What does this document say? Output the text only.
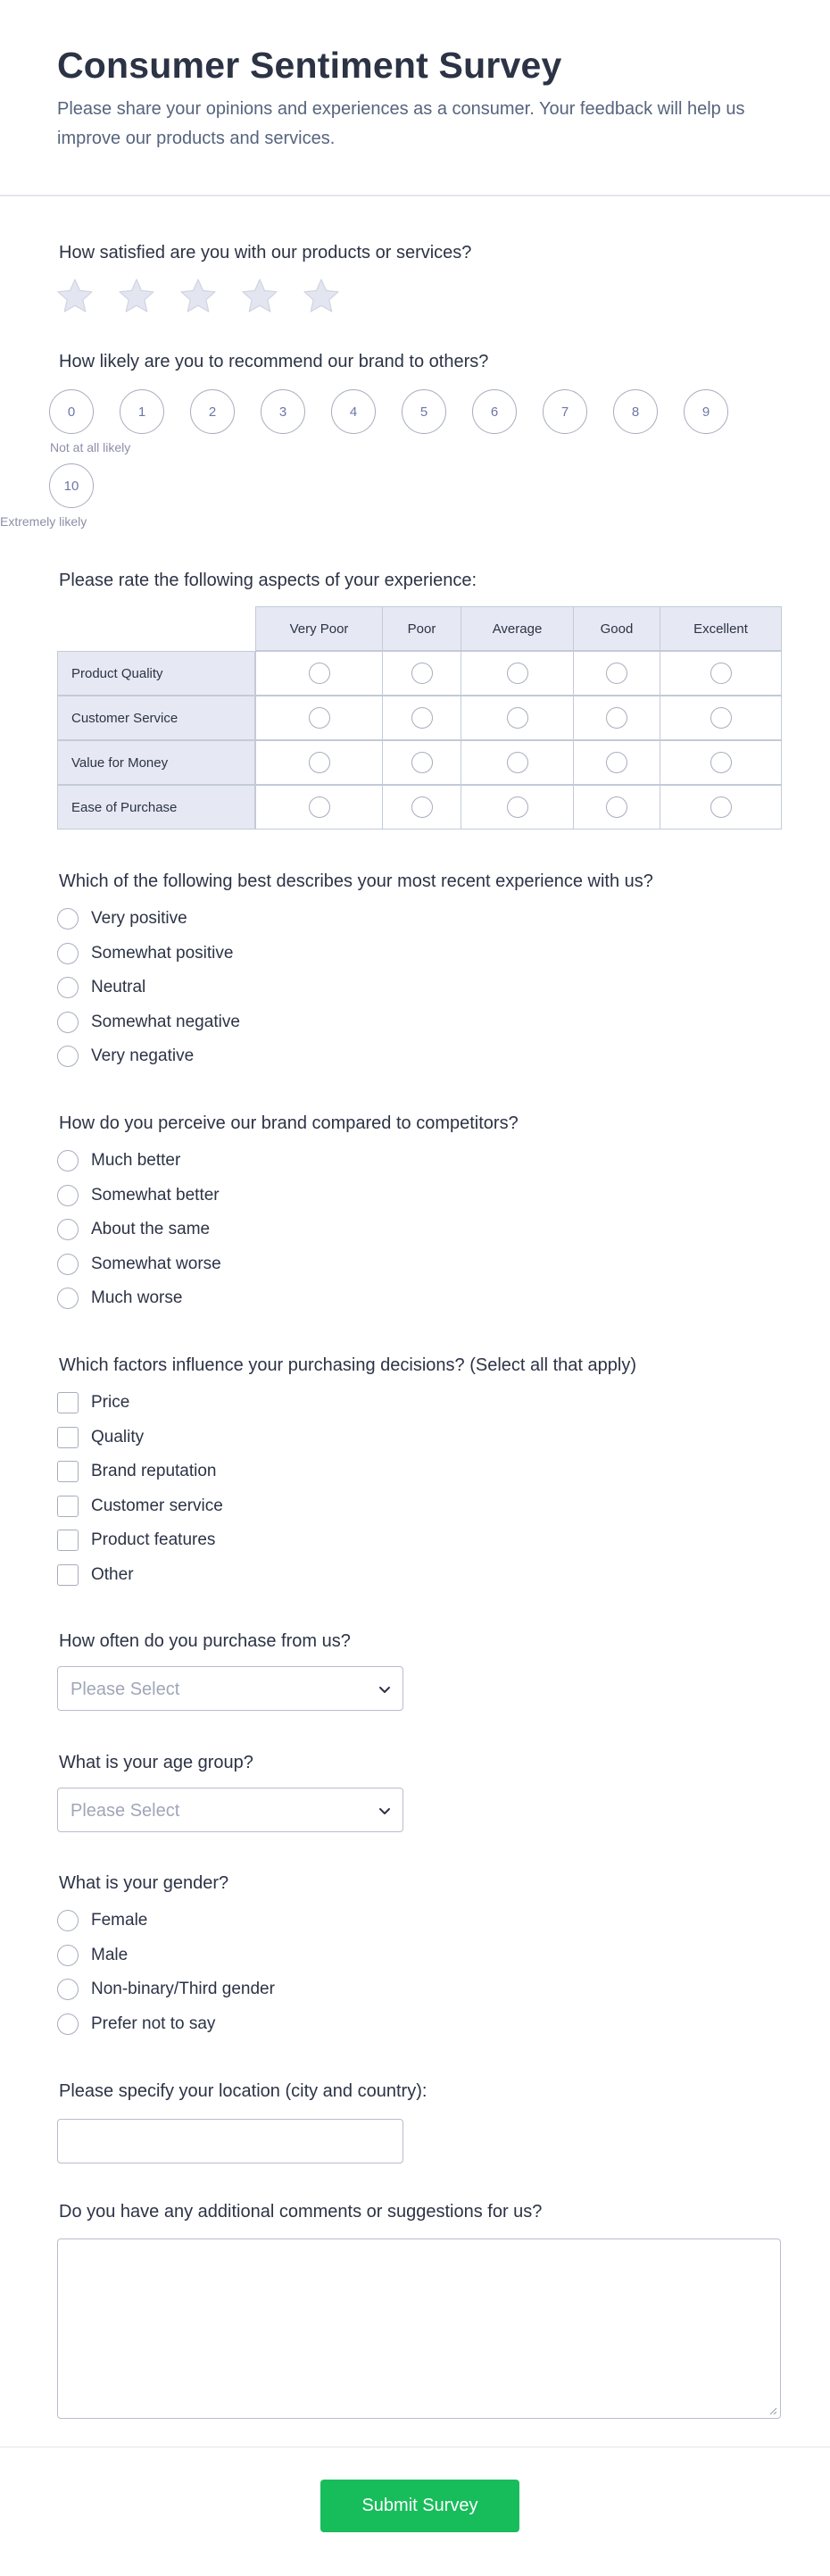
Consumer Sentiment Survey

Please share your opinions and experiences as a consumer. Your feedback will help us improve our products and services.

How satisfied are you with our products or services?
How likely are you to recommend our brand to others?
0	1	2	3	4	5	6	7	8	9
10
Not at all likely
Extremely likely
Please rate the following aspects of your experience:
Very Poor	Poor	Average	Good	Excellent
Product Quality
Customer Service
Value for Money
Ease of Purchase
Which of the following best describes your most recent experience with us?
Very positive
Somewhat positive
Neutral
Somewhat negative
Very negative
How do you perceive our brand compared to competitors?
Much better
Somewhat better
About the same
Somewhat worse
Much worse
Which factors influence your purchasing decisions? (Select all that apply)
Price
Quality
Brand reputation
Customer service
Product features
Other
How often do you purchase from us?
Please Select
What is your age group?
Please Select
What is your gender?
Female
Male
Non-binary/Third gender
Prefer not to say
Please specify your location (city and country):
Do you have any additional comments or suggestions for us?
Submit Survey
